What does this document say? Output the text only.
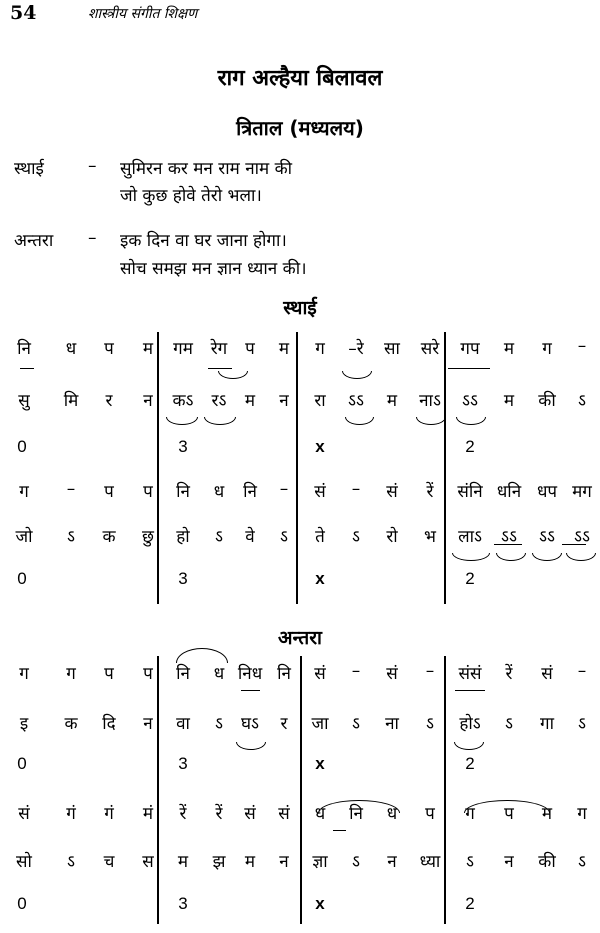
54	शास्त्रीय संगीत शिक्षण
राग अल्हैया बिलावल
त्रिताल (मध्यलय)
स्थाई	– सुमिरन कर मन राम नाम की
जो कुछ होवे तेरो भला।
अन्तरा – इक दिन वा घर जाना होगा।
सोच समझ मन ज्ञान ध्यान की।
स्थाई
नि ध प म गम रेग प म ग –रे सा सरे गप म ग –
सु मि र न कऽ रऽ म न रा ऽऽ म नाऽ ऽऽ म की ऽ
0	3	x	2
ग – प प नि ध नि – सं – सं रें संनि धनि धप मग
जो ऽ क छु हो ऽ वे ऽ ते ऽ रो भ लाऽ ऽऽ ऽऽ ऽऽ
0	3	x	2
अन्तरा
ग ग प प नि ध निध नि सं – सं – संसं रें सं –
इ क दि न वा ऽ घऽ र जा ऽ ना ऽ होऽ ऽ गा ऽ
0	3	x	2
सं गं गं मं रें रें सं सं ध नि ध प ग प म ग
सो ऽ च स म झ म न ज्ञा ऽ न ध्या ऽ न की ऽ
0	3	x	2
